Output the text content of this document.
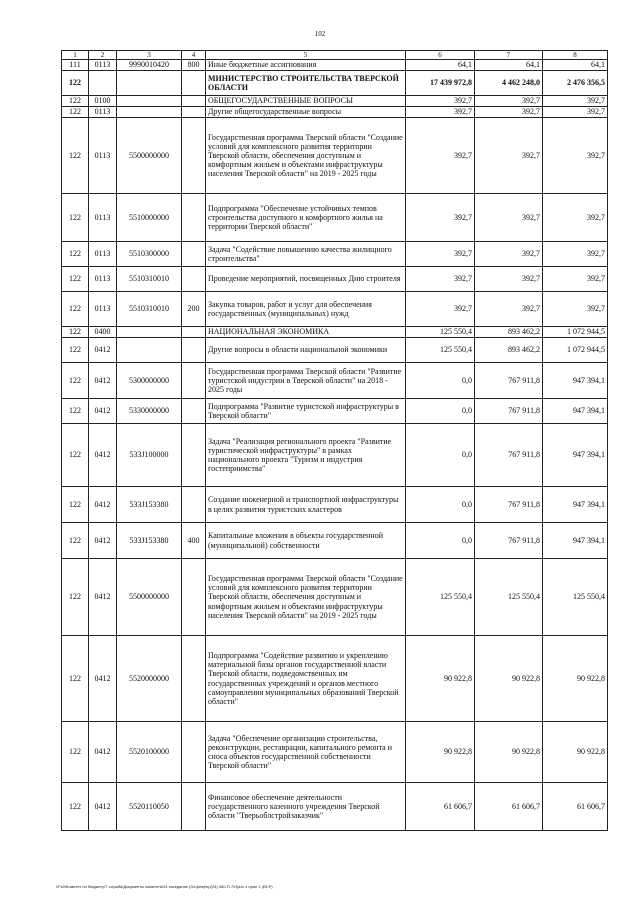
102
1	2	3	4	5	6	7	8
111	0113	9990010420	800	Иные бюджетные ассигнования	64,1	64,1	64,1
122				МИНИСТЕРСТВО СТРОИТЕЛЬСТВА ТВЕРСКОЙ ОБЛАСТИ	17 439 972,8	4 462 248,0	2 476 356,5
122	0100			ОБЩЕГОСУДАРСТВЕННЫЕ ВОПРОСЫ	392,7	392,7	392,7
122	0113			Другие общегосударственные вопросы	392,7	392,7	392,7
122	0113	5500000000		Государственная программа Тверской области "Создание условий для комплексного развития территории Тверской области, обеспечения доступным и комфортным жильем и объектами инфраструктуры населения Тверской области" на 2019 - 2025 годы	392,7	392,7	392,7
122	0113	5510000000		Подпрограмма "Обеспечение устойчивых темпов строительства доступного и комфортного жилья на территории Тверской области"	392,7	392,7	392,7
122	0113	5510300000		Задача "Содействие повышению качества жилищного строительства"	392,7	392,7	392,7
122	0113	5510310010		Проведение мероприятий, посвященных Дню строителя	392,7	392,7	392,7
122	0113	5510310010	200	Закупка товаров, работ и услуг для обеспечения государственных (муниципальных) нужд	392,7	392,7	392,7
122	0400			НАЦИОНАЛЬНАЯ ЭКОНОМИКА	125 550,4	893 462,2	1 072 944,5
122	0412			Другие вопросы в области национальной экономики	125 550,4	893 462,2	1 072 944,5
122	0412	5300000000		Государственная программа Тверской области "Развитие туристской индустрии в Тверской области" на 2018 - 2025 годы	0,0	767 911,8	947 394,1
122	0412	5330000000		Подпрограмма "Развитие туристской инфраструктуры в Тверской области"	0,0	767 911,8	947 394,1
122	0412	533J100000		Задача "Реализация регионального проекта "Развитие туристической инфраструктуры" в рамках национального проекта "Туризм и индустрия гостеприимства"	0,0	767 911,8	947 394,1
122	0412	533J153380		Создание инженерной и транспортной инфраструктуры в целях развития туристских кластеров	0,0	767 911,8	947 394,1
122	0412	533J153380	400	Капитальные вложения в объекты государственной (муниципальной) собственности	0,0	767 911,8	947 394,1
122	0412	5500000000		Государственная программа Тверской области "Создание условий для комплексного развития территории Тверской области, обеспечения доступным и комфортным жильем и объектами инфраструктуры населения Тверской области" на 2019 - 2025 годы	125 550,4	125 550,4	125 550,4
122	0412	5520000000		Подпрограмма "Содействие развитию и укреплению материальной базы органов государственной власти Тверской области, подведомственных им государственных учреждений и органов местного самоуправления муниципальных образований Тверской области"	90 922,8	90 922,8	90 922,8
122	0412	5520100000		Задача "Обеспечение организации строительства, реконструкции, реставрации, капитального ремонта и сноса объектов государственной собственности Тверской области"	90 922,8	90 922,8	90 922,8
122	0412	5520110050		Финансовое обеспечение деятельности государственного казенного учреждения Тверской области "Тверьоблстройзаказчик"	61 606,7	61 606,7	61 606,7
\\Fs0\Комитет по бюджету\Т служба\Документы комитета\24 заседание (04.фев)\пр(24) 460-П-7\Прил 4 прил 1 (ВСР)
